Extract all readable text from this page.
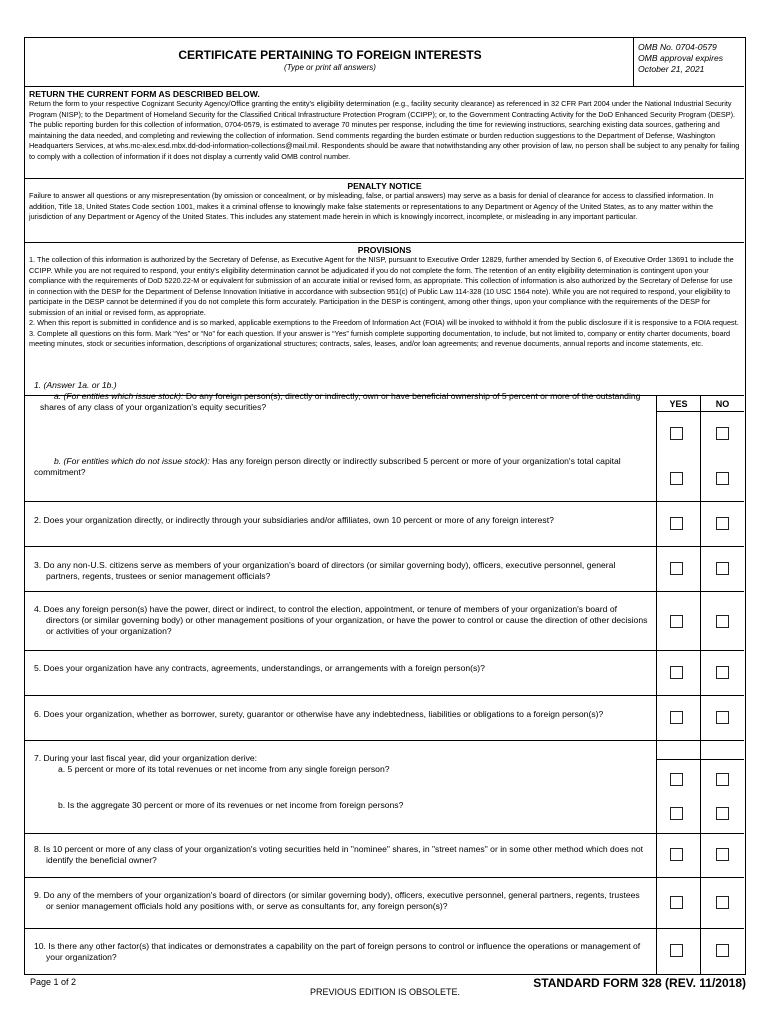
CERTIFICATE PERTAINING TO FOREIGN INTERESTS
(Type or print all answers)
OMB No. 0704-0579
OMB approval expires
October 21, 2021
RETURN THE CURRENT FORM AS DESCRIBED BELOW.

Return the form to your respective Cognizant Security Agency/Office granting the entity's eligibility determination (e.g., facility security clearance) as referenced in 32 CFR Part 2004 under the National Industrial Security Program (NISP); to the Department of Homeland Security for the Classified Critical Infrastructure Protection Program (CCIPP); or, to the Government Contracting Activity for the DoD Enhanced Security Program (DESP). The public reporting burden for this collection of information, 0704-0579, is estimated to average 70 minutes per response, including the time for reviewing instructions, searching existing data sources, gathering and maintaining the data needed, and completing and reviewing the collection of information. Send comments regarding the burden estimate or burden reduction suggestions to the Department of Defense, Washington Headquarters Services, at whs.mc-alex.esd.mbx.dd-dod-information-collections@mail.mil. Respondents should be aware that notwithstanding any other provision of law, no person shall be subject to any penalty for failing to comply with a collection of information if it does not display a currently valid OMB control number.

PENALTY NOTICE

Failure to answer all questions or any misrepresentation (by omission or concealment, or by misleading, false, or partial answers) may serve as a basis for denial of clearance for access to classified information. In addition, Title 18, United States Code section 1001, makes it a criminal offense to knowingly make false statements or representations to any Department or Agency of the United States, as to any matter within the jurisdiction of any Department or Agency of the United States. This includes any statement made herein in which is knowingly incorrect, incomplete, or misleading in any important particular.

PROVISIONS

1. The collection of this information is authorized by the Secretary of Defense, as Executive Agent for the NISP, pursuant to Executive Order 12829, further amended by Section 6, of Executive Order 13691 to include the CCIPP. While you are not required to respond, your entity's eligibility determination cannot be adjudicated if you do not complete the form. The retention of an entity eligibility determination is contingent upon your compliance with the requirements of DoD 5220.22-M or equivalent for submission of an accurate initial or revised form, as appropriate. This collection of information is also authorized by the Secretary of Defense for use in connection with the DESP for the Department of Defense Innovation Initiative in accordance with subsection 951(c) of Public Law 114-328 (10 USC 1564 note). While you are not required to respond, your eligibility to participate in the DESP cannot be determined if you do not complete this form accurately. Participation in the DESP is contingent, among other things, upon your compliance with the requirements of the DESP for submission of an initial or revised form, as appropriate.

2. When this report is submitted in confidence and is so marked, applicable exemptions to the Freedom of Information Act (FOIA) will be invoked to withhold it from the public disclosure if it is responsive to a FOIA request.

3. Complete all questions on this form. Mark “Yes” or “No” for each question. If your answer is “Yes” furnish complete supporting documentation, to include, but not limited to, company or entity charter documents, board meeting minutes, stock or securities information, descriptions of organizational structures; contracts, sales, leases, and/or loan agreements; and revenue documents, annual reports and income statements, etc.

YES	NO
1. (Answer 1a. or 1b.)
a. (For entities which issue stock): Do any foreign person(s), directly or indirectly, own or have beneficial ownership of 5 percent or more of the outstanding shares of any class of your organization's equity securities?
b. (For entities which do not issue stock): Has any foreign person directly or indirectly subscribed 5 percent or more of your organization's total capital commitment?
2. Does your organization directly, or indirectly through your subsidiaries and/or affiliates, own 10 percent or more of any foreign interest?
3. Do any non-U.S. citizens serve as members of your organization's board of directors (or similar governing body), officers, executive personnel, general partners, regents, trustees or senior management officials?
4. Does any foreign person(s) have the power, direct or indirect, to control the election, appointment, or tenure of members of your organization's board of directors (or similar governing body) or other management positions of your organization, or have the power to control or cause the direction of other decisions or activities of your organization?
5. Does your organization have any contracts, agreements, understandings, or arrangements with a foreign person(s)?
6. Does your organization, whether as borrower, surety, guarantor or otherwise have any indebtedness, liabilities or obligations to a foreign person(s)?
7. During your last fiscal year, did your organization derive:
a. 5 percent or more of its total revenues or net income from any single foreign person?
b. Is the aggregate 30 percent or more of its revenues or net income from foreign persons?
8. Is 10 percent or more of any class of your organization's voting securities held in "nominee" shares, in "street names" or in some other method which does not identify the beneficial owner?
9. Do any of the members of your organization's board of directors (or similar governing body), officers, executive personnel, general partners, regents, trustees or senior management officials hold any positions with, or serve as consultants for, any foreign person(s)?
10. Is there any other factor(s) that indicates or demonstrates a capability on the part of foreign persons to control or influence the operations or management of your organization?
Page 1 of 2
PREVIOUS EDITION IS OBSOLETE.
STANDARD FORM 328 (REV. 11/2018)
